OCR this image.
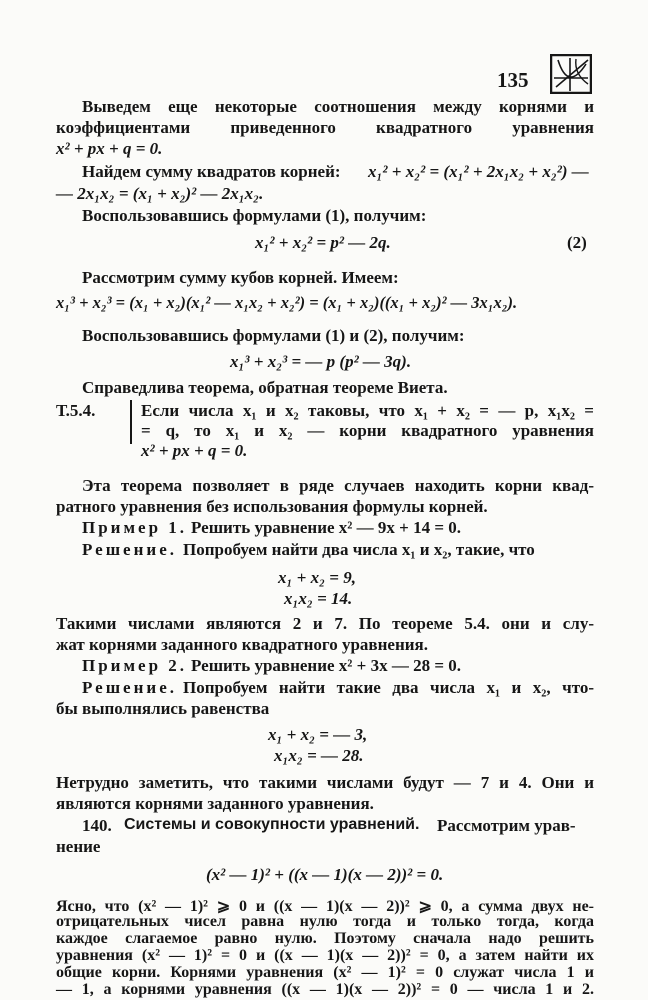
135
Выведем еще некоторые соотношения между корнями и
коэффициентами приведенного квадратного уравнения
x² + px + q = 0.
Найдем сумму квадратов корней: x₁² + x₂² = (x₁² + 2x₁x₂ + x₂²) —
— 2x₁x₂ = (x₁ + x₂)² — 2x₁x₂.
Воспользовавшись формулами (1), получим:
x₁² + x₂² = p² — 2q.	(2)
Рассмотрим сумму кубов корней. Имеем:
x₁³ + x₂³ = (x₁ + x₂)(x₁² — x₁x₂ + x₂²) = (x₁ + x₂)((x₁ + x₂)² — 3x₁x₂).
Воспользовавшись формулами (1) и (2), получим:
x₁³ + x₂³ = — p (p² — 3q).
Справедлива теорема, обратная теореме Виета.
Т.5.4.	Если числа x₁ и x₂ таковы, что x₁ + x₂ = — p, x₁x₂ =
= q, то x₁ и x₂ — корни квадратного уравнения
x² + px + q = 0.
Эта теорема позволяет в ряде случаев находить корни квад-
ратного уравнения без использования формулы корней.
Пример 1. Решить уравнение x² — 9x + 14 = 0.
Решение. Попробуем найти два числа x₁ и x₂, такие, что
x₁ + x₂ = 9,
x₁x₂ = 14.
Такими числами являются 2 и 7. По теореме 5.4. они и слу-
жат корнями заданного квадратного уравнения.
Пример 2. Решить уравнение x² + 3x — 28 = 0.
Решение. Попробуем найти такие два числа x₁ и x₂, что-
бы выполнялись равенства
x₁ + x₂ = — 3,
x₁x₂ = — 28.
Нетрудно заметить, что такими числами будут — 7 и 4. Они и
являются корнями заданного уравнения.
140. Системы и совокупности уравнений. Рассмотрим урав-
нение
(x² — 1)² + ((x — 1)(x — 2))² = 0.
Ясно, что (x² — 1)² ⩾ 0 и ((x — 1)(x — 2))² ⩾ 0, а сумма двух не-
отрицательных чисел равна нулю тогда и только тогда, когда
каждое слагаемое равно нулю. Поэтому сначала надо решить
уравнения (x² — 1)² = 0 и ((x — 1)(x — 2))² = 0, а затем найти их
общие корни. Корнями уравнения (x² — 1)² = 0 служат числа 1 и
— 1, а корнями уравнения ((x — 1)(x — 2))² = 0 — числа 1 и 2.
